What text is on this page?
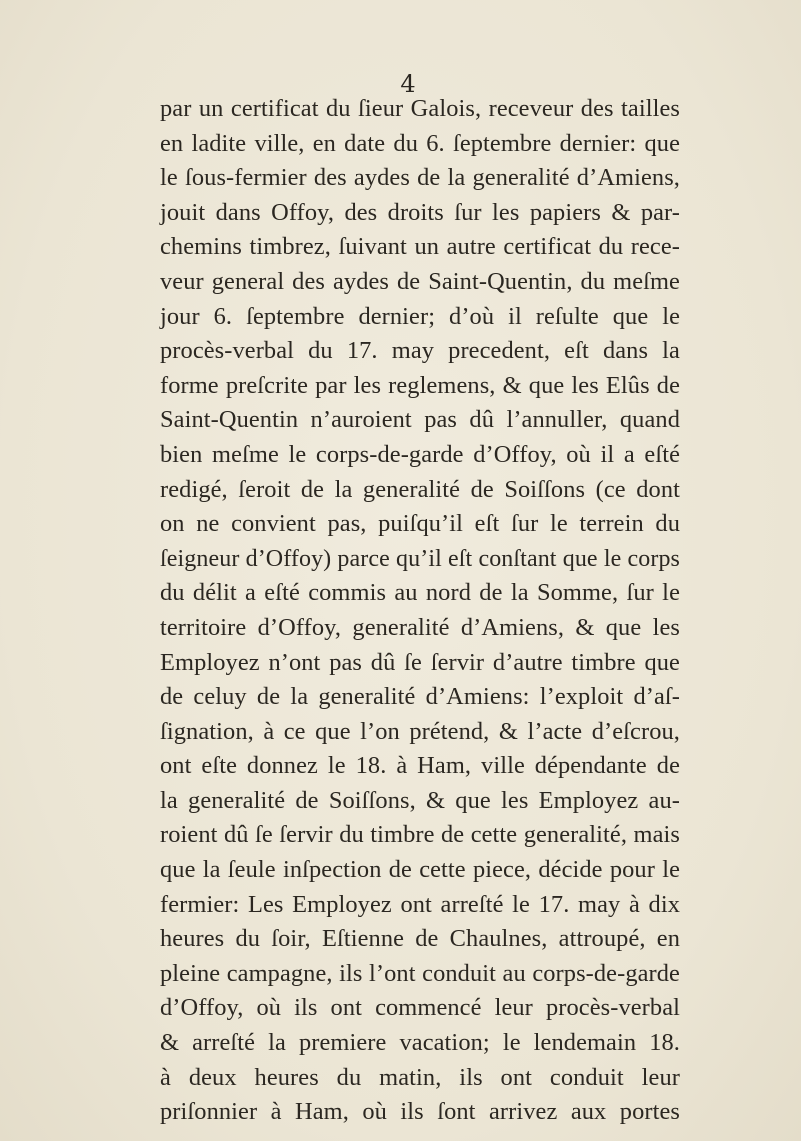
4
par un certificat du ſieur Galois, receveur des tailles
en ladite ville, en date du 6. ſeptembre dernier: que
le ſous-fermier des aydes de la generalité d’Amiens,
jouit dans Offoy, des droits ſur les papiers & par-
chemins timbrez, ſuivant un autre certificat du rece-
veur general des aydes de Saint-Quentin, du meſme
jour 6. ſeptembre dernier; d’où il reſulte que le
procès-verbal du 17. may precedent, eſt dans la
forme preſcrite par les reglemens, & que les Elûs de
Saint-Quentin n’auroient pas dû l’annuller, quand
bien meſme le corps-de-garde d’Offoy, où il a eſté
redigé, ſeroit de la generalité de Soiſſons (ce dont
on ne convient pas, puiſqu’il eſt ſur le terrein du
ſeigneur d’Offoy) parce qu’il eſt conſtant que le corps
du délit a eſté commis au nord de la Somme, ſur le
territoire d’Offoy, generalité d’Amiens, & que les
Employez n’ont pas dû ſe ſervir d’autre timbre que
de celuy de la generalité d’Amiens: l’exploit d’aſ-
ſignation, à ce que l’on prétend, & l’acte d’eſcrou,
ont eſte donnez le 18. à Ham, ville dépendante de
la generalité de Soiſſons, & que les Employez au-
roient dû ſe ſervir du timbre de cette generalité, mais
que la ſeule inſpection de cette piece, décide pour le
fermier: Les Employez ont arreſté le 17. may à dix
heures du ſoir, Eſtienne de Chaulnes, attroupé, en
pleine campagne, ils l’ont conduit au corps-de-garde
d’Offoy, où ils ont commencé leur procès-verbal
& arreſté la premiere vacation; le lendemain 18.
à deux heures du matin, ils ont conduit leur
priſonnier à Ham, où ils ſont arrivez aux portes
